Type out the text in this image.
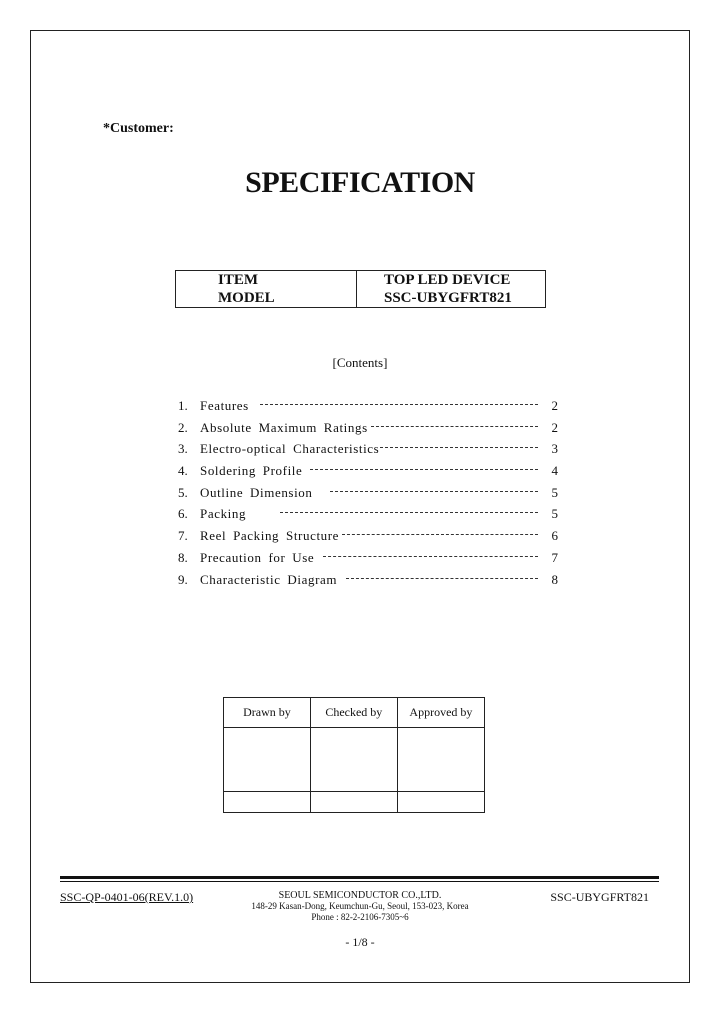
*Customer:
SPECIFICATION
ITEM	TOP LED DEVICE
MODEL	SSC-UBYGFRT821
[Contents]
1. Features	2
2. Absolute Maximum Ratings	2
3. Electro-optical Characteristics	3
4. Soldering Profile	4
5. Outline Dimension	5
6. Packing	5
7. Reel Packing Structure	6
8. Precaution for Use	7
9. Characteristic Diagram	8
Drawn by	Checked by	Approved by

SSC-QP-0401-06(REV.1.0)	SEOUL SEMICONDUCTOR CO.,LTD.
148-29 Kasan-Dong, Keumchun-Gu, Seoul, 153-023, Korea
Phone : 82-2-2106-7305~6
SSC-UBYGFRT821
- 1/8 -
